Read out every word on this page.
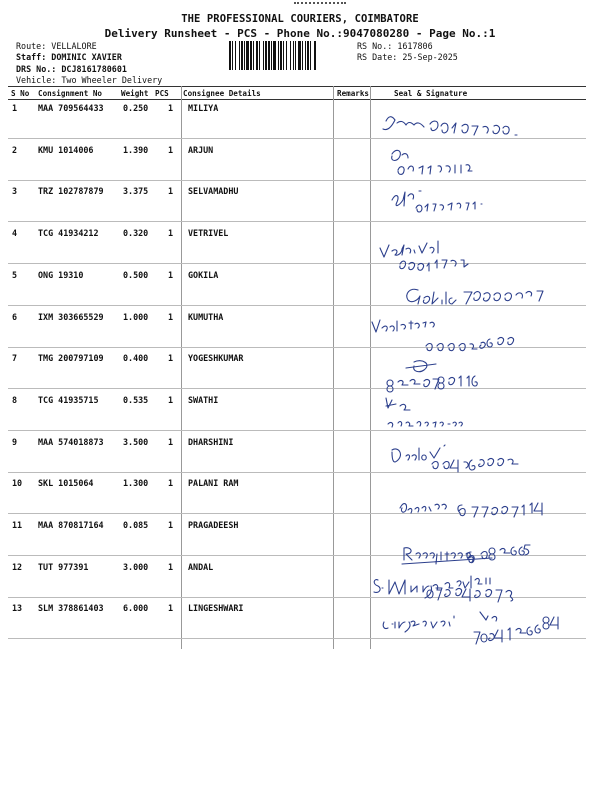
THE PROFESSIONAL COURIERS, COIMBATORE
Delivery Runsheet - PCS - Phone No.:9047080280 - Page No.:1
Route: VELLALORE
Staff: DOMINIC XAVIER
DRS No.: DCJ8161780601
Vehicle: Two Wheeler Delivery
RS No.: 1617806
RS Date: 25-Sep-2025
S No Consignment No Weight PCS Consignee Details	Remarks	Seal & Signature
1 MAA 709564433 0.250 1 MILIYA
2 KMU 1014006	1.390 1 ARJUN
3 TRZ 102787879 3.375 1 SELVAMADHU
4 TCG 41934212	0.320 1 VETRIVEL
5 ONG 19310	0.500 1 GOKILA
6 IXM 303665529 1.000 1 KUMUTHA
7 TMG 200797109 0.400 1 YOGESHKUMAR
8 TCG 41935715	0.535 1 SWATHI
9 MAA 574018873 3.500 1 DHARSHINI
10 SKL 1015064	1.300 1 PALANI RAM
11 MAA 870817164 0.085 1 PRAGADEESH
12 TUT 977391	3.000 1 ANDAL
13 SLM 378861403 6.000 1 LINGESHWARI
